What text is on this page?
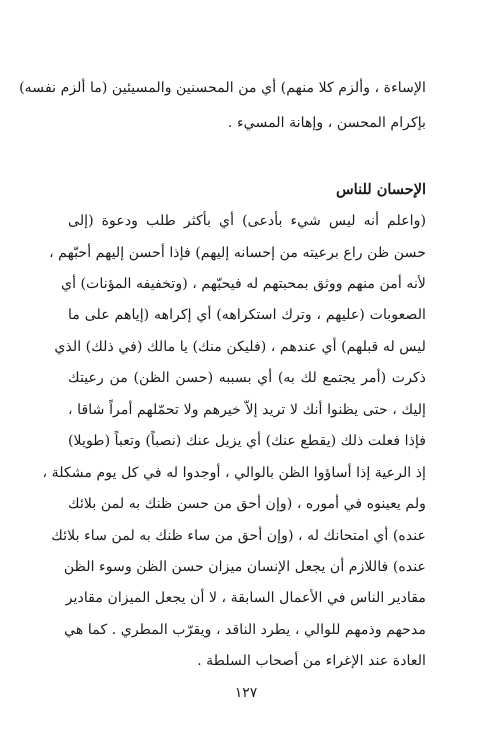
الإساءة ، وألزم كلا منهم) أي من المحسنين والمسيئين (ما ألزم نفسه)
بإكرام المحسن ، وإهانة المسيء .
الإحسان للناس
(واعلم أنه ليس شيء بأدعى) أي بأكثر طلب ودعوة (إلى
حسن ظن راع برعيته من إحسانه إليهم) فإذا أحسن إليهم أحبّهم ،
لأنه أمن منهم ووثق بمحبتهم له فيحبّهم ، (وتخفيفه المؤنات) أي
الصعوبات (عليهم ، وترك استكراهه) أي إكراهه (إياهم على ما
ليس له قبلهم) أي عندهم ، (فليكن منك) يا مالك (في ذلك) الذي
ذكرت (أمر يجتمع لك به) أي بسببه (حسن الظن) من رعيتك
إليك ، حتى يظنوا أنك لا تريد إلاّ خيرهم ولا تحمّلهم أمراً شاقا ،
فإذا فعلت ذلك (يقطع عنك) أي يزيل عنك (نصباً) وتعباً (طويلا)
إذ الرعية إذا أساؤوا الظن بالوالي ، أوجدوا له في كل يوم مشكلة ،
ولم يعينوه في أموره ، (وإن أحق من حسن ظنك به لمن بلائك
عنده) أي امتحانك له ، (وإن أحق من ساء ظنك به لمن ساء بلائك
عنده) فاللازم أن يجعل الإنسان ميزان حسن الظن وسوء الظن
مقادير الناس في الأعمال السابقة ، لا أن يجعل الميزان مقادير
مدحهم وذمهم للوالي ، يطرد الناقد ، ويقرّب المطري . كما هي
العادة عند الإغراء من أصحاب السلطة .
١٢٧
